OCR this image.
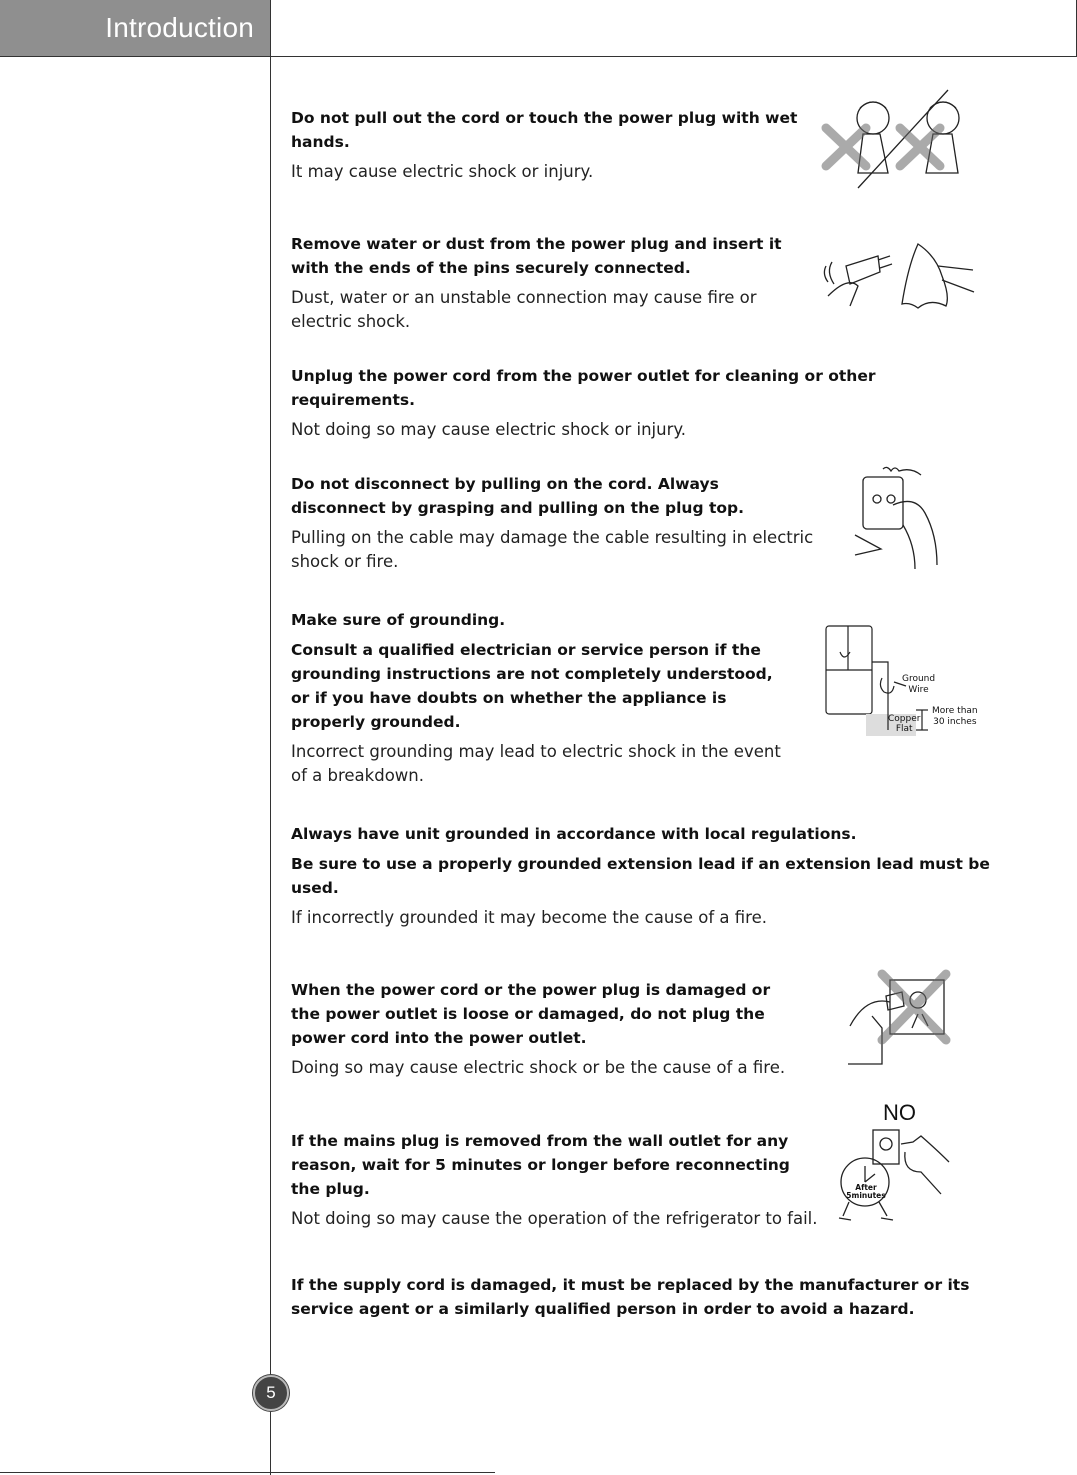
Introduction
5

Do not pull out the cord or touch the power plug with wet
hands.

It may cause electric shock or injury.

Remove water or dust from the power plug and insert it
with the ends of the pins securely connected.

Dust, water or an unstable connection may cause fire or
electric shock.

Unplug the power cord from the power outlet for cleaning or other
requirements.

Not doing so may cause electric shock or injury.

Do not disconnect by pulling on the cord. Always
disconnect by grasping and pulling on the plug top.

Pulling on the cable may damage the cable resulting in electric
shock or fire.

Make sure of grounding.

Consult a qualified electrician or service person if the
grounding instructions are not completely understood,
or if you have doubts on whether the appliance is
properly grounded.

Incorrect grounding may lead to electric shock in the event
of a breakdown.

Always have unit grounded in accordance with local regulations.

Be sure to use a properly grounded extension lead if an extension lead must be
used.

If incorrectly grounded it may become the cause of a fire.

When the power cord or the power plug is damaged or
the power outlet is loose or damaged, do not plug the
power cord into the power outlet.

Doing so may cause electric shock or be the cause of a fire.

If the mains plug is removed from the wall outlet for any
reason, wait for 5 minutes or longer before reconnecting
the plug.

Not doing so may cause the operation of the refrigerator to fail.

If the supply cord is damaged, it must be replaced by the manufacturer or its
service agent or a similarly qualified person in order to avoid a hazard.

Ground
Wire
Copper
Flat
More than
30 inches
NO
After
5minutes
